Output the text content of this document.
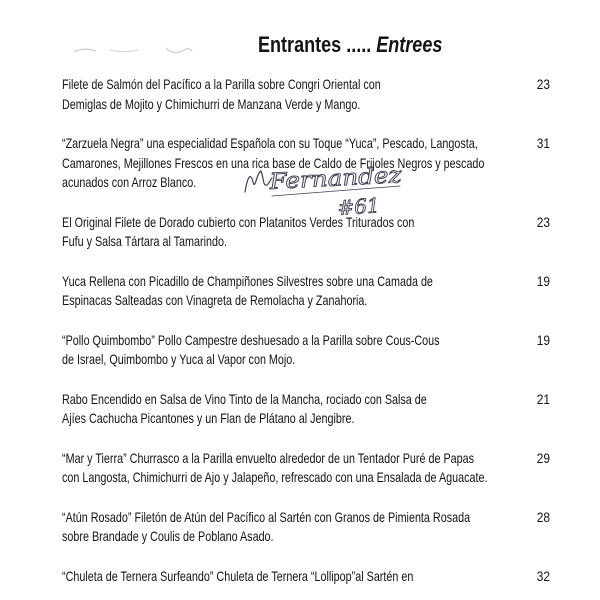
Entrantes ..... Entrees
Filete de Salmón del Pacífico a la Parilla sobre Congri Oriental con
Demiglas de Mojito y Chimichurri de Manzana Verde y Mango.
23
“Zarzuela Negra” una especialidad Española con su Toque “Yuca”, Pescado, Langosta,
Camarones, Mejillones Frescos en una rica base de Caldo de Frijoles Negros y pescado
acunados con Arroz Blanco.
31
El Original Filete de Dorado cubierto con Platanitos Verdes Triturados con
Fufu y Salsa Tártara al Tamarindo.
23
Yuca Rellena con Picadillo de Champiñones Silvestres sobre una Camada de
Espinacas Salteadas con Vinagreta de Remolacha y Zanahoria.
19
“Pollo Quimbombo” Pollo Campestre deshuesado a la Parilla sobre Cous-Cous
de Israel, Quimbombo y Yuca al Vapor con Mojo.
19
Rabo Encendido en Salsa de Vino Tinto de la Mancha, rociado con Salsa de
Ajíes Cachucha Picantones y un Flan de Plátano al Jengibre.
21
“Mar y Tierra” Churrasco a la Parilla envuelto alrededor de un Tentador Puré de Papas
con Langosta, Chimichurri de Ajo y Jalapeño, refrescado con una Ensalada de Aguacate.
29
“Atún Rosado” Filetón de Atún del Pacífico al Sartén con Granos de Pimienta Rosada
sobre Brandade y Coulis de Poblano Asado.
28
“Chuleta de Ternera Surfeando” Chuleta de Ternera “Lollipop”al Sartén en	32
Fernandez
#61
